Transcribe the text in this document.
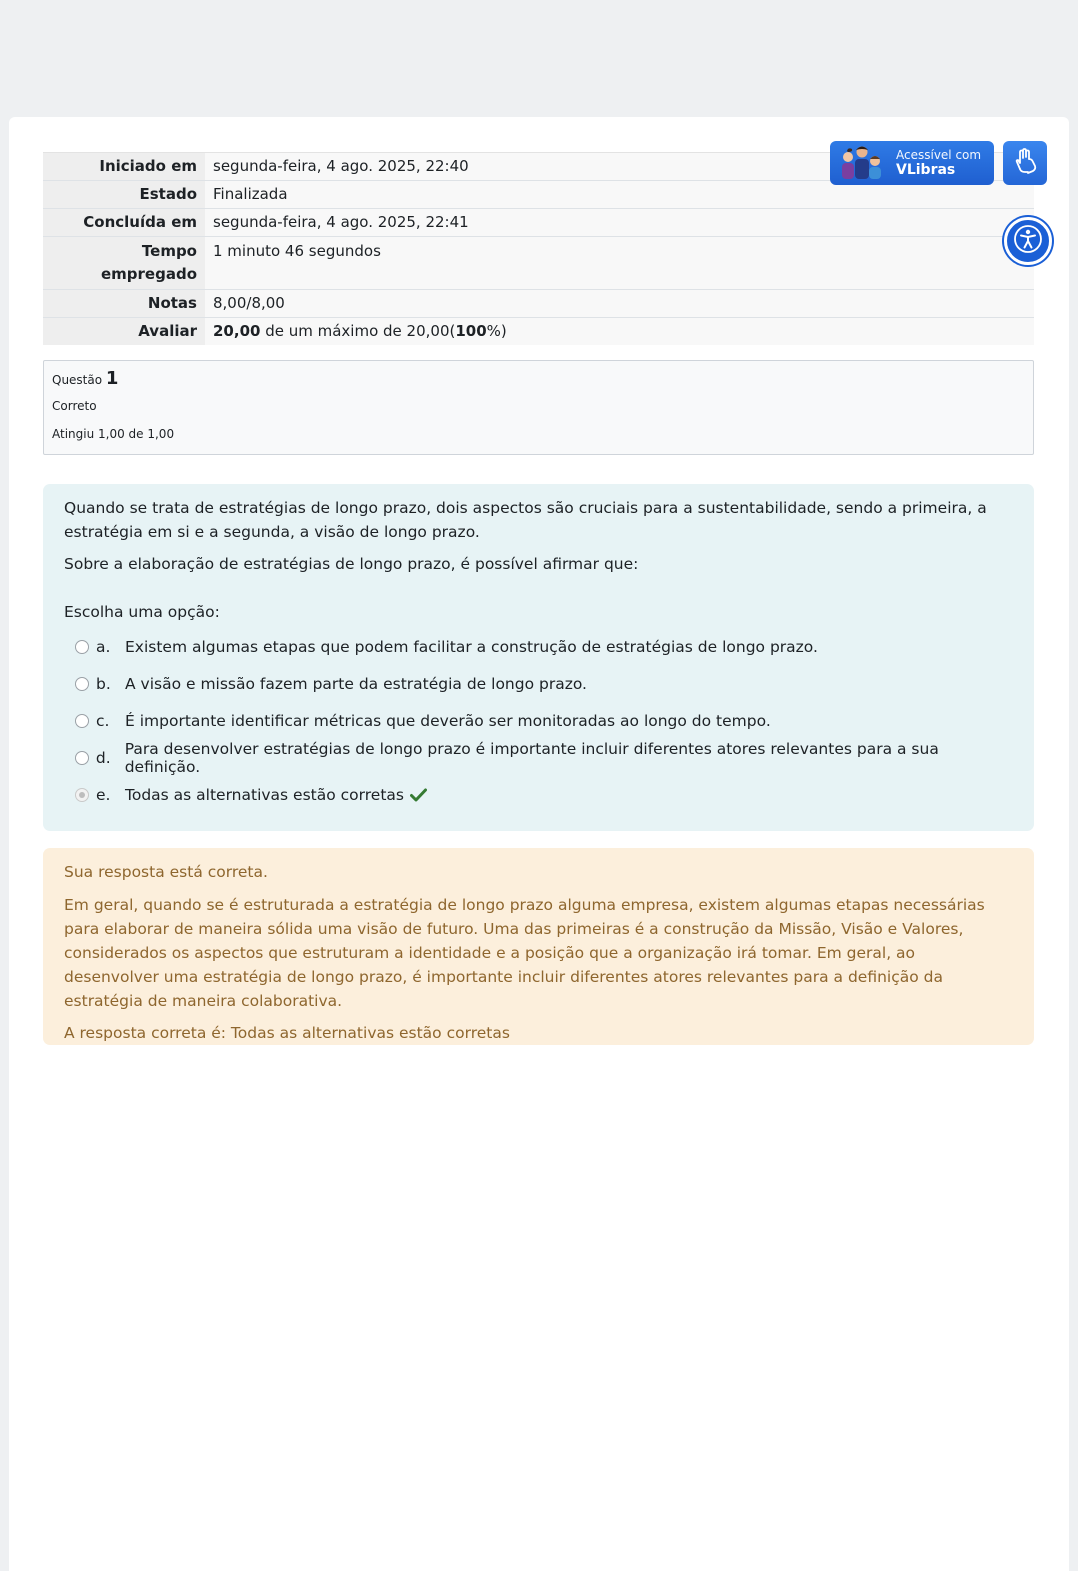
Iniciado em	segunda-feira, 4 ago. 2025, 22:40
Estado	Finalizada
Concluída em	segunda-feira, 4 ago. 2025, 22:41
Tempo
empregado	1 minuto 46 segundos
Notas	8,00/8,00
Avaliar	20,00 de um máximo de 20,00(100%)
Acessível com
VLibras
Questão 1
Correto
Atingiu 1,00 de 1,00

Quando se trata de estratégias de longo prazo, dois aspectos são cruciais para a sustentabilidade, sendo a primeira, a estratégia em si e a segunda, a visão de longo prazo.

Sobre a elaboração de estratégias de longo prazo, é possível afirmar que:

Escolha uma opção:
a. Existem algumas etapas que podem facilitar a construção de estratégias de longo prazo.
b. A visão e missão fazem parte da estratégia de longo prazo.
c.	É importante identificar métricas que deverão ser monitoradas ao longo do tempo.
d. Para desenvolver estratégias de longo prazo é importante incluir diferentes atores relevantes para a sua definição.
e. Todas as alternativas estão corretas

Sua resposta está correta.

Em geral, quando se é estruturada a estratégia de longo prazo alguma empresa, existem algumas etapas necessárias para elaborar de maneira sólida uma visão de futuro. Uma das primeiras é a construção da Missão, Visão e Valores, considerados os aspectos que estruturam a identidade e a posição que a organização irá tomar. Em geral, ao desenvolver uma estratégia de longo prazo, é importante incluir diferentes atores relevantes para a definição da estratégia de maneira colaborativa.

A resposta correta é: Todas as alternativas estão corretas
